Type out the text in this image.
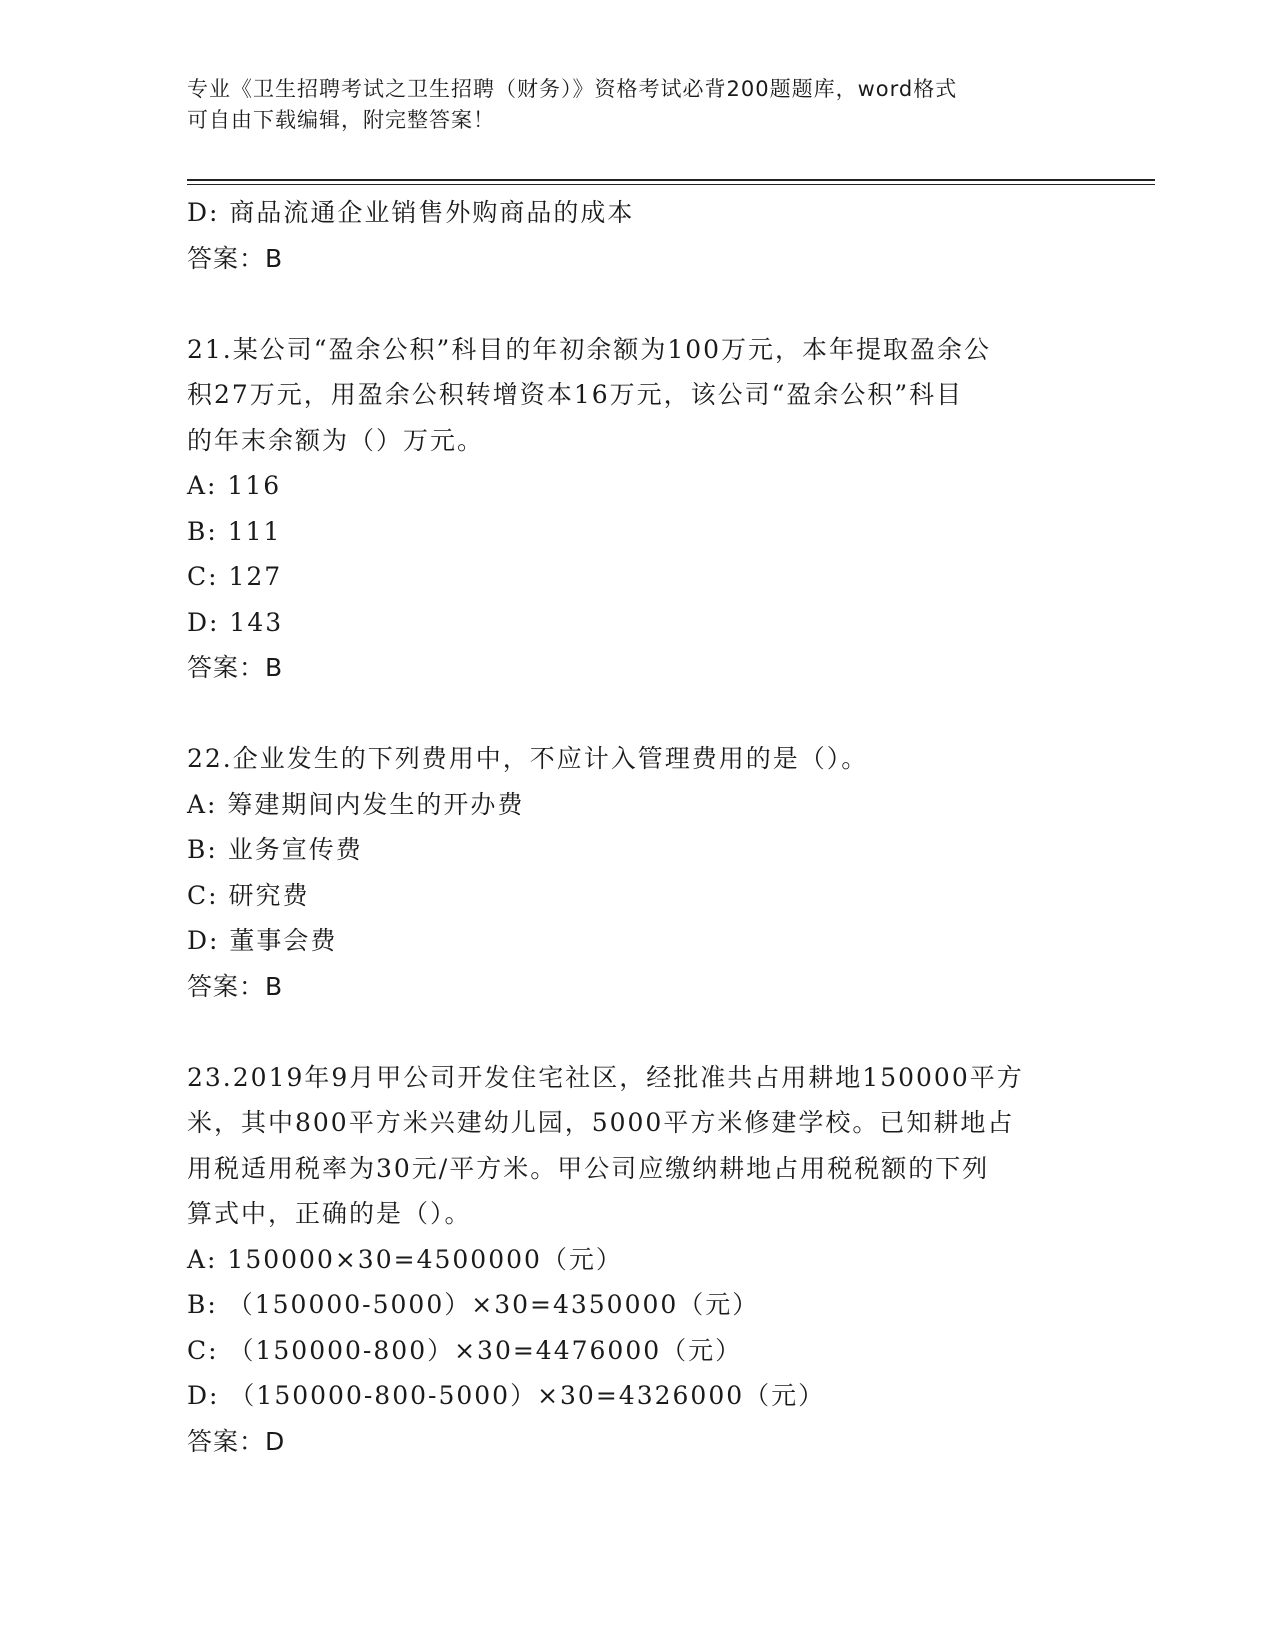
专业《卫生招聘考试之卫生招聘（财务）》资格考试必背200题题库，word格式
可自由下载编辑，附完整答案！
D: 商品流通企业销售外购商品的成本
答案：B
21.某公司“盈余公积”科目的年初余额为100万元，本年提取盈余公
积27万元，用盈余公积转增资本16万元，该公司“盈余公积”科目
的年末余额为（）万元。
A: 116
B: 111
C: 127
D: 143
答案：B
22.企业发生的下列费用中，不应计入管理费用的是（）。
A: 筹建期间内发生的开办费
B: 业务宣传费
C: 研究费
D: 董事会费
答案：B
23.2019年9月甲公司开发住宅社区，经批准共占用耕地150000平方
米，其中800平方米兴建幼儿园，5000平方米修建学校。已知耕地占
用税适用税率为30元/平方米。甲公司应缴纳耕地占用税税额的下列
算式中，正确的是（）。
A: 150000×30=4500000（元）
B: （150000-5000）×30=4350000（元）
C: （150000-800）×30=4476000（元）
D: （150000-800-5000）×30=4326000（元）
答案：D
